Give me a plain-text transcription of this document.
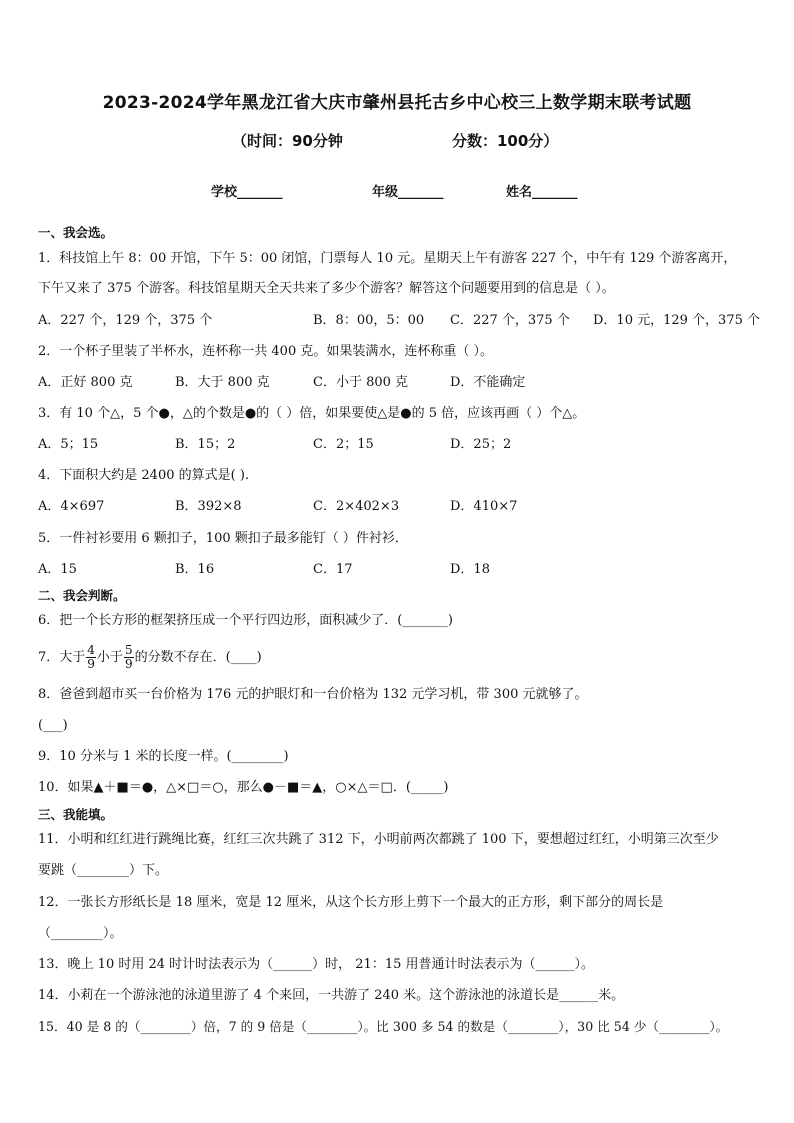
2023-2024学年黑龙江省大庆市肇州县托古乡中心校三上数学期末联考试题
（时间：90分钟	分数：100分）
学校_______	年级_______	姓名_______
一、我会选。
1．科技馆上午 8：00 开馆，下午 5：00 闭馆，门票每人 10 元。星期天上午有游客 227 个，中午有 129 个游客离开，
下午又来了 375 个游客。科技馆星期天全天共来了多少个游客？解答这个问题要用到的信息是（ ）。
A．227 个，129 个，375 个	B．8：00，5：00 C．227 个，375 个 D．10 元，129 个，375 个
2．一个杯子里装了半杯水，连杯称一共 400 克。如果装满水，连杯称重（ ）。
A．正好 800 克	B．大于 800 克	C．小于 800 克	D．不能确定
3．有 10 个△，5 个●，△的个数是●的（ ）倍，如果要使△是●的 5 倍，应该再画（ ）个△。
A．5；15	B．15；2	C．2；15	D．25；2
4．下面积大约是 2400 的算式是( ).
A．4×697	B．392×8	C．2×402×3	D．410×7
5．一件衬衫要用 6 颗扣子，100 颗扣子最多能钉（ ）件衬衫．
A．15	B．16	C．17	D．18
二、我会判断。
6．把一个长方形的框架挤压成一个平行四边形，面积减少了．(_______)
7．大于 $\frac{4}{9}$ 小于 $\frac{5}{9}$ 的分数不存在．(____)
8．爸爸到超市买一台价格为 176 元的护眼灯和一台价格为 132 元学习机，带 300 元就够了。
(___)
9．10 分米与 1 米的长度一样。(________)
10．如果▲＋■＝●，△×□＝○，那么●－■＝▲，○×△＝□．(_____)
三、我能填。
11．小明和红红进行跳绳比赛，红红三次共跳了 312 下，小明前两次都跳了 100 下，要想超过红红，小明第三次至少
要跳（________）下。
12．一张长方形纸长是 18 厘米，宽是 12 厘米，从这个长方形上剪下一个最大的正方形，剩下部分的周长是
（________）。
13．晚上 10 时用 24 时计时法表示为（______）时， 21：15 用普通计时法表示为（______）。
14．小莉在一个游泳池的泳道里游了 4 个来回，一共游了 240 米。这个游泳池的泳道长是______米。
15．40 是 8 的（________）倍，7 的 9 倍是（________）。比 300 多 54 的数是（________），30 比 54 少（________）。
